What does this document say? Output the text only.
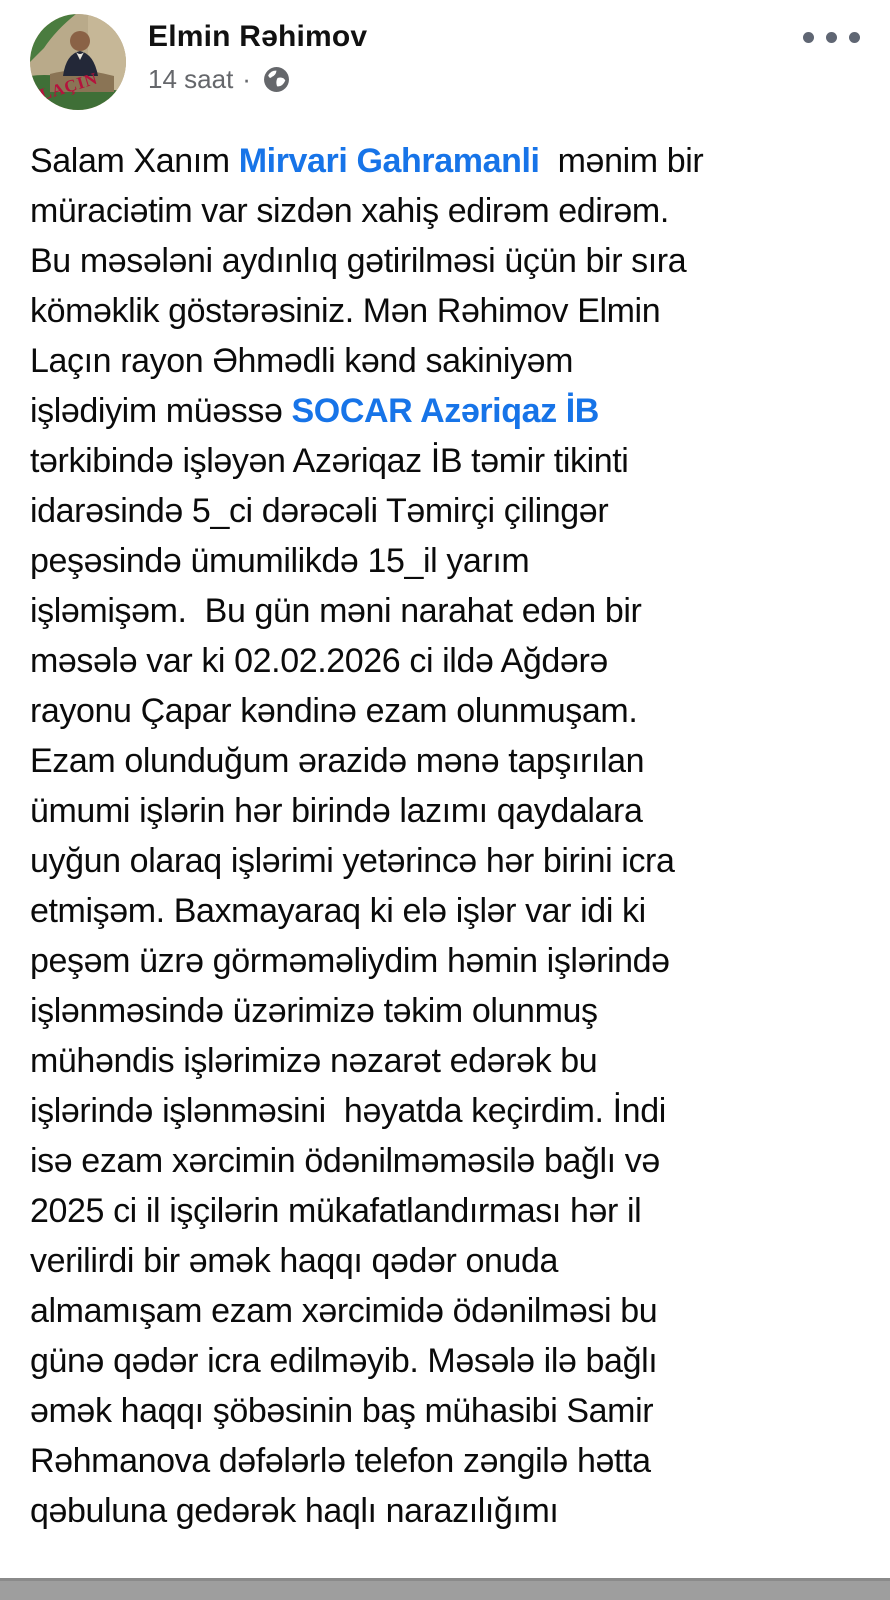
LAÇIN
Elmin Rəhimov
14 saat ·
Salam Xanım Mirvari Gahramanli  mənim bir
müraciətim var sizdən xahiş edirəm edirəm.
Bu məsələni aydınlıq gətirilməsi üçün bir sıra
köməklik göstərəsiniz. Mən Rəhimov Elmin
Laçın rayon Əhmədli kənd sakiniyəm
işlədiyim müəssə SOCAR Azəriqaz İB
tərkibində işləyən Azəriqaz İB təmir tikinti
idarəsində 5_ci dərəcəli Təmirçi çilingər
peşəsində ümumilikdə 15_il yarım
işləmişəm.  Bu gün məni narahat edən bir
məsələ var ki 02.02.2026 ci ildə Ağdərə
rayonu Çapar kəndinə ezam olunmuşam.
Ezam olunduğum ərazidə mənə tapşırılan
ümumi işlərin hər birində lazımı qaydalara
uyğun olaraq işlərimi yetərincə hər birini icra
etmişəm. Baxmayaraq ki elə işlər var idi ki
peşəm üzrə görməməliydim həmin işlərində
işlənməsində üzərimizə təkim olunmuş
mühəndis işlərimizə nəzarət edərək bu
işlərində işlənməsini  həyatda keçirdim. İndi
isə ezam xərcimin ödənilməməsilə bağlı və
2025 ci il işçilərin mükafatlandırması hər il
verilirdi bir əmək haqqı qədər onuda
almamışam ezam xərcimidə ödənilməsi bu
günə qədər icra edilməyib. Məsələ ilə bağlı
əmək haqqı şöbəsinin baş mühasibi Samir
Rəhmanova dəfələrlə telefon zəngilə hətta
qəbuluna gedərək haqlı narazılığımı
